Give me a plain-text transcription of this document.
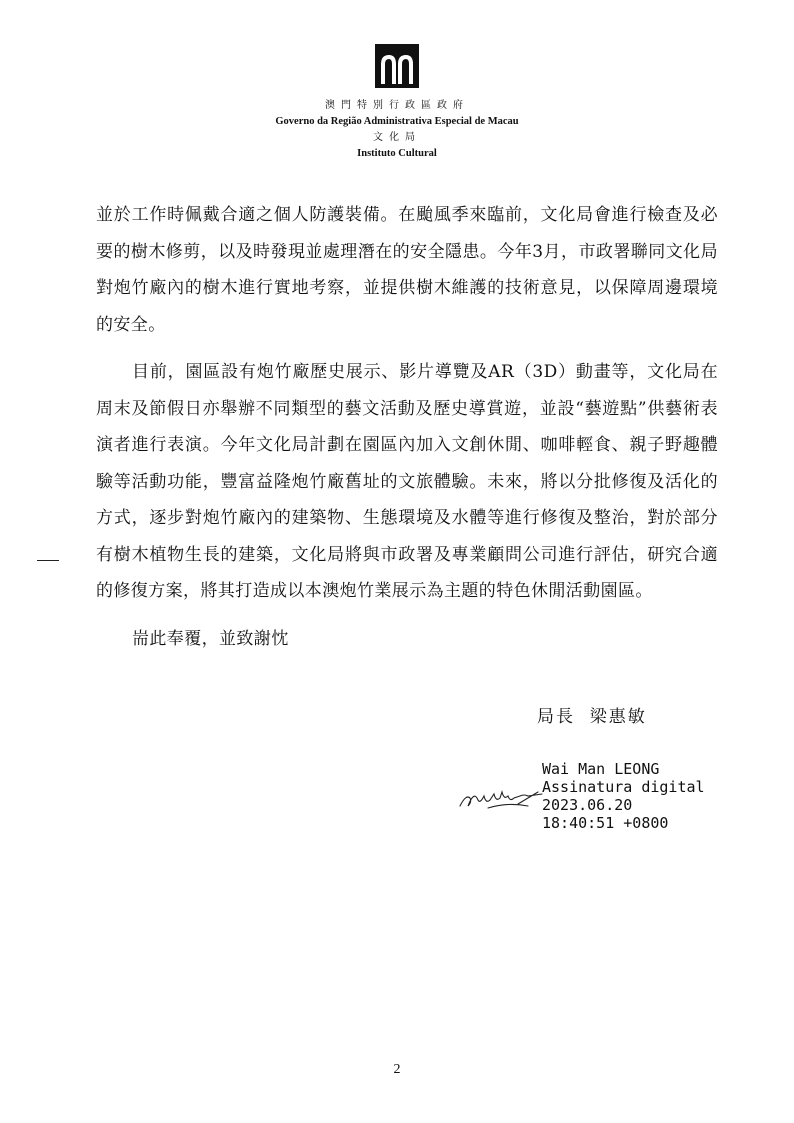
澳門特別行政區政府

Governo da Região Administrativa Especial de Macau

文化局

Instituto Cultural

並於工作時佩戴合適之個人防護裝備。在颱風季來臨前，文化局會進行檢查及必要的樹木修剪，以及時發現並處理潛在的安全隱患。今年3月，市政署聯同文化局對炮竹廠內的樹木進行實地考察，並提供樹木維護的技術意見，以保障周邊環境的安全。

目前，園區設有炮竹廠歷史展示、影片導覽及AR（3D）動畫等，文化局在周末及節假日亦舉辦不同類型的藝文活動及歷史導賞遊，並設“藝遊點”供藝術表演者進行表演。今年文化局計劃在園區內加入文創休閒、咖啡輕食、親子野趣體驗等活動功能，豐富益隆炮竹廠舊址的文旅體驗。未來，將以分批修復及活化的方式，逐步對炮竹廠內的建築物、生態環境及水體等進行修復及整治，對於部分有樹木植物生長的建築，文化局將與市政署及專業顧問公司進行評估，研究合適的修復方案，將其打造成以本澳炮竹業展示為主題的特色休閒活動園區。

耑此奉覆，並致謝忱

局長  梁惠敏
Wai Man LEONG
Assinatura digital
2023.06.20
18:40:51 +0800
2
